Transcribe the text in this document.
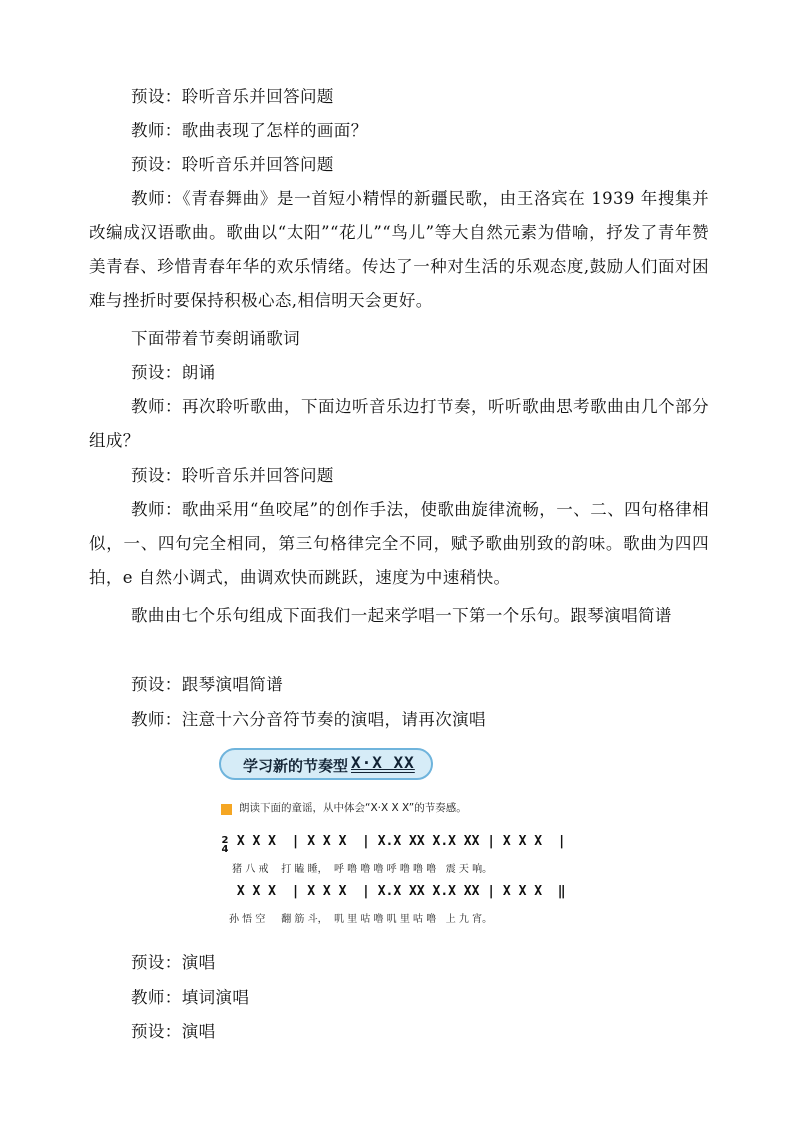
预设：聆听音乐并回答问题

教师：歌曲表现了怎样的画面？

预设：聆听音乐并回答问题

教师：《青春舞曲》是一首短小精悍的新疆民歌，由王洛宾在 1939 年搜集并改编成汉语歌曲。歌曲以“太阳”“花儿”“鸟儿”等大自然元素为借喻，抒发了青年赞美青春、珍惜青春年华的欢乐情绪。传达了一种对生活的乐观态度,鼓励人们面对困难与挫折时要保持积极心态,相信明天会更好。

下面带着节奏朗诵歌词

预设：朗诵

教师：再次聆听歌曲，下面边听音乐边打节奏，听听歌曲思考歌曲由几个部分组成？

预设：聆听音乐并回答问题

教师：歌曲采用“鱼咬尾”的创作手法，使歌曲旋律流畅，一、二、四句格律相似，一、四句完全相同，第三句格律完全不同，赋予歌曲别致的韵味。歌曲为四四拍，e 自然小调式，曲调欢快而跳跃，速度为中速稍快。

歌曲由七个乐句组成下面我们一起来学唱一下第一个乐句。跟琴演唱简谱

预设：跟琴演唱简谱

教师：注意十六分音符节奏的演唱，请再次演唱

学习新的节奏型 X·X XX
朗读下面的童谣，从中体会“X·X X X”的节奏感。
2
4
X X X  | X X X  | X.X XX X.X XX | X X X  |
猪 八 戒    打 瞌 睡，  呼 噜 噜 噜 呼 噜 噜 噜   震 天 响。
X X X  | X X X  | X.X XX X.X XX | X X X  ‖
孙 悟 空     翻 筋 斗，  叽 里 咕 噜 叽 里 咕 噜   上 九 宵。

预设：演唱

教师：填词演唱

预设：演唱
